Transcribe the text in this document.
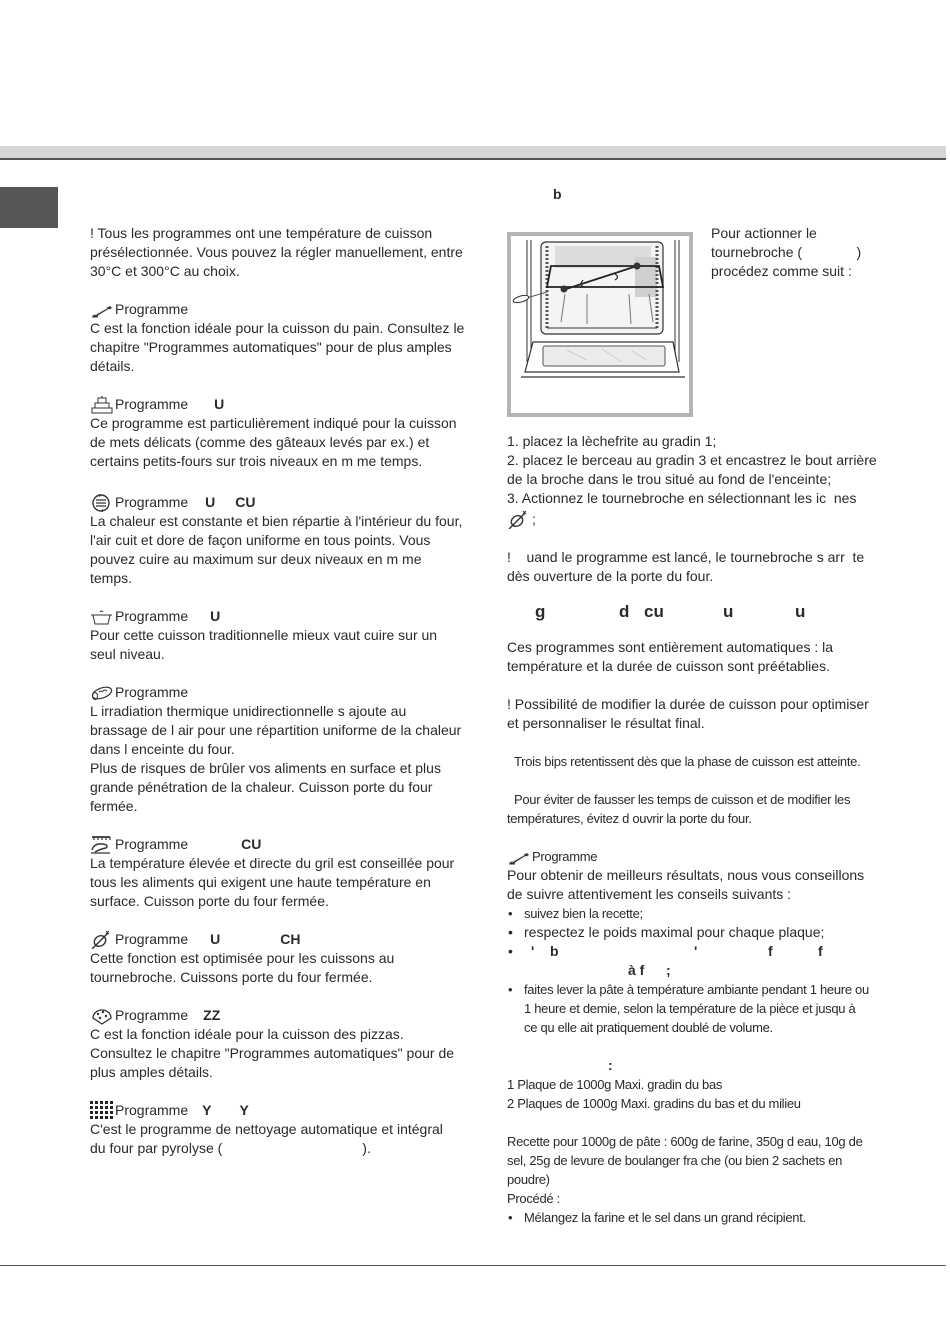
! Tous les programmes ont une température de cuisson

présélectionnée. Vous pouvez la régler manuellement, entre

30°C et 300°C au choix.

Programme

C est la fonction idéale pour la cuisson du pain. Consultez le

chapitre "Programmes automatiques" pour de plus amples

détails.

Programme U

Ce programme est particulièrement indiqué pour la cuisson

de mets délicats (comme des gâteaux levés par ex.) et

certains petits-fours sur trois niveaux en m me temps.

Programme U CU

La chaleur est constante et bien répartie à l'intérieur du four,

l'air cuit et dore de façon uniforme en tous points. Vous

pouvez cuire au maximum sur deux niveaux en m me

temps.

Programme U

Pour cette cuisson traditionnelle mieux vaut cuire sur un

seul niveau.

Programme

L irradiation thermique unidirectionnelle s ajoute au

brassage de l air pour une répartition uniforme de la chaleur

dans l enceinte du four.

Plus de risques de brûler vos aliments en surface et plus

grande pénétration de la chaleur. Cuisson porte du four

fermée.

Programme	CU

La température élevée et directe du gril est conseillée pour

tous les aliments qui exigent une haute température en

surface. Cuisson porte du four fermée.

Programme U	CH

Cette fonction est optimisée pour les cuissons au

tournebroche. Cuissons porte du four fermée.

Programme ZZ

C est la fonction idéale pour la cuisson des pizzas.

Consultez le chapitre "Programmes automatiques" pour de

plus amples détails.

Programme Y Y

C'est le programme de nettoyage automatique et intégral

du four par pyrolyse (                                    ).

b

Pour actionner le

tournebroche (              )

procédez comme suit :

1. placez la lèchefrite au gradin 1;

2. placez le berceau au gradin 3 et encastrez le bout arrière

de la broche dans le trou situé au fond de l'enceinte;

3. Actionnez le tournebroche en sélectionnant les ic  nes

;

!    uand le programme est lancé, le tournebroche s arr  te

dès ouverture de la porte du four.

g	d cu	u	u

Ces programmes sont entièrement automatiques : la

température et la durée de cuisson sont préétablies.

! Possibilité de modifier la durée de cuisson pour optimiser

et personnaliser le résultat final.

Trois bips retentissent dès que la phase de cuisson est atteinte.

Pour éviter de fausser les temps de cuisson et de modifier les

températures, évitez d ouvrir la porte du four.

Programme

Pour obtenir de meilleurs résultats, nous vous conseillons

de suivre attentivement les conseils suivants :

• suivez bien la recette;
• respectez le poids maximal pour chaque plaque;
• ' b	'	f	f
à f ;

• faites lever la pâte à température ambiante pendant 1 heure ou

1 heure et demie, selon la température de la pièce et jusqu à

ce qu elle ait pratiquement doublé de volume.

:

1 Plaque de 1000g Maxi. gradin du bas

2 Plaques de 1000g Maxi. gradins du bas et du milieu

Recette pour 1000g de pâte : 600g de farine, 350g d eau, 10g de

sel, 25g de levure de boulanger fra che (ou bien 2 sachets en

poudre)

Procédé :

• Mélangez la farine et le sel dans un grand récipient.
